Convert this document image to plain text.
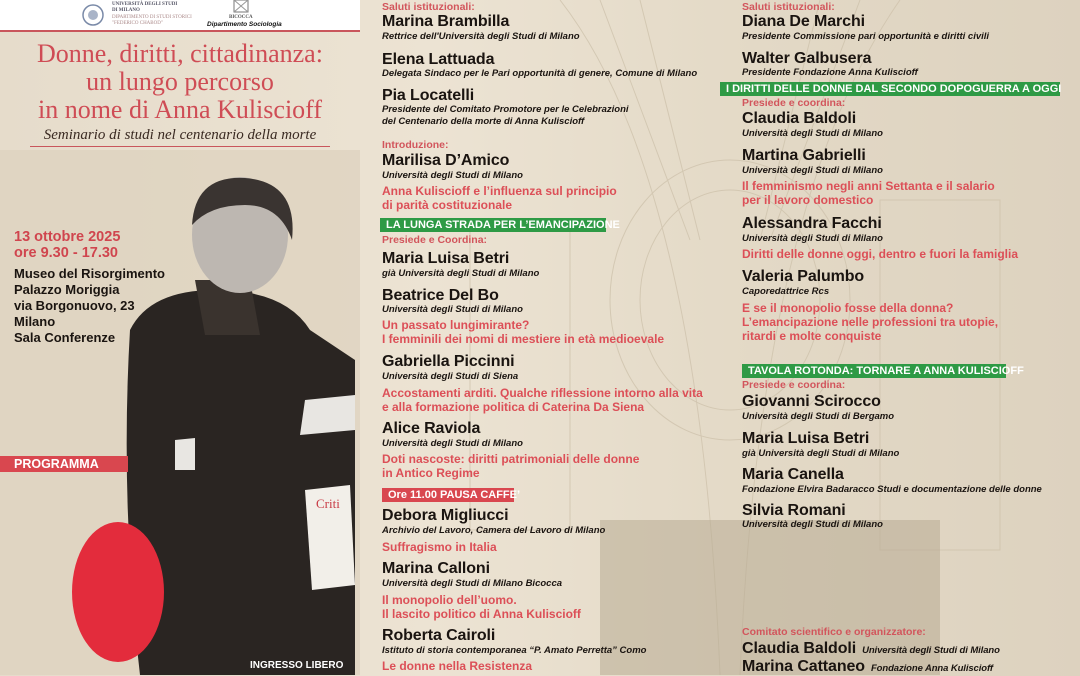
Criti
UNIVERSITÀ DEGLI STUDI
DI MILANO
DIPARTIMENTO DI STUDI STORICI
"FEDERICO CHABOD"
BICOCCA
Dipartimento Sociologia
Donne, diritti, cittadinanza:
un lungo percorso
in nome di Anna Kuliscioff
Seminario di studi nel centenario della morte
13 ottobre 2025
ore 9.30 - 17.30
Museo del Risorgimento
Palazzo Moriggia
via Borgonuovo, 23
Milano
Sala Conferenze
PROGRAMMA
INGRESSO LIBERO
Saluti istituzionali:
Marina Brambilla
Rettrice dell'Università degli Studi di Milano
Elena Lattuada
Delegata Sindaco per le Pari opportunità di genere, Comune di Milano
Pia Locatelli
Presidente del Comitato Promotore per le Celebrazioni
del Centenario della morte di Anna Kuliscioff
Introduzione:
Marilisa D’Amico
Università degli Studi di Milano
Anna Kuliscioff e l’influenza sul principio
di parità costituzionale
LA LUNGA STRADA PER L’EMANCIPAZIONE
Presiede e Coordina:
Maria Luisa Betri
già Università degli Studi di Milano
Beatrice Del Bo
Università degli Studi di Milano
Un passato lungimirante?
I femminili dei nomi di mestiere in età medioevale
Gabriella Piccinni
Università degli Studi di Siena
Accostamenti arditi. Qualche riflessione intorno alla vita
e alla formazione politica di Caterina Da Siena
Alice Raviola
Università degli Studi di Milano
Doti nascoste: diritti patrimoniali delle donne
in Antico Regime
Ore 11.00 PAUSA CAFFE’
Debora Migliucci
Archivio del Lavoro, Camera del Lavoro di Milano
Suffragismo in Italia
Marina Calloni
Università degli Studi di Milano Bicocca
Il monopolio dell’uomo.
Il lascito politico di Anna Kuliscioff
Roberta Cairoli
Istituto di storia contemporanea “P. Amato Perretta” Como
Le donne nella Resistenza
Saluti istituzionali:
Diana De Marchi
Presidente Commissione pari opportunità e diritti civili
Walter Galbusera
Presidente Fondazione Anna Kuliscioff
I DIRITTI DELLE DONNE DAL SECONDO DOPOGUERRA A OGGI
Presiede e coordina:
Claudia Baldoli
Università degli Studi di Milano
Martina Gabrielli
Università degli Studi di Milano
Il femminismo negli anni Settanta e il salario
per il lavoro domestico
Alessandra Facchi
Università degli Studi di Milano
Diritti delle donne oggi, dentro e fuori la famiglia
Valeria Palumbo
Caporedattrice Rcs
E se il monopolio fosse della donna?
L’emancipazione nelle professioni tra utopie,
ritardi e molte conquiste
TAVOLA ROTONDA: TORNARE A ANNA KULISCIOFF
Presiede e coordina:
Giovanni Scirocco
Università degli Studi di Bergamo
Maria Luisa Betri
già Università degli Studi di Milano
Maria Canella
Fondazione Elvira Badaracco Studi e documentazione delle donne
Silvia Romani
Università degli Studi di Milano
Comitato scientifico e organizzatore:
Claudia Baldoli Università degli Studi di Milano
Marina Cattaneo Fondazione Anna Kuliscioff
